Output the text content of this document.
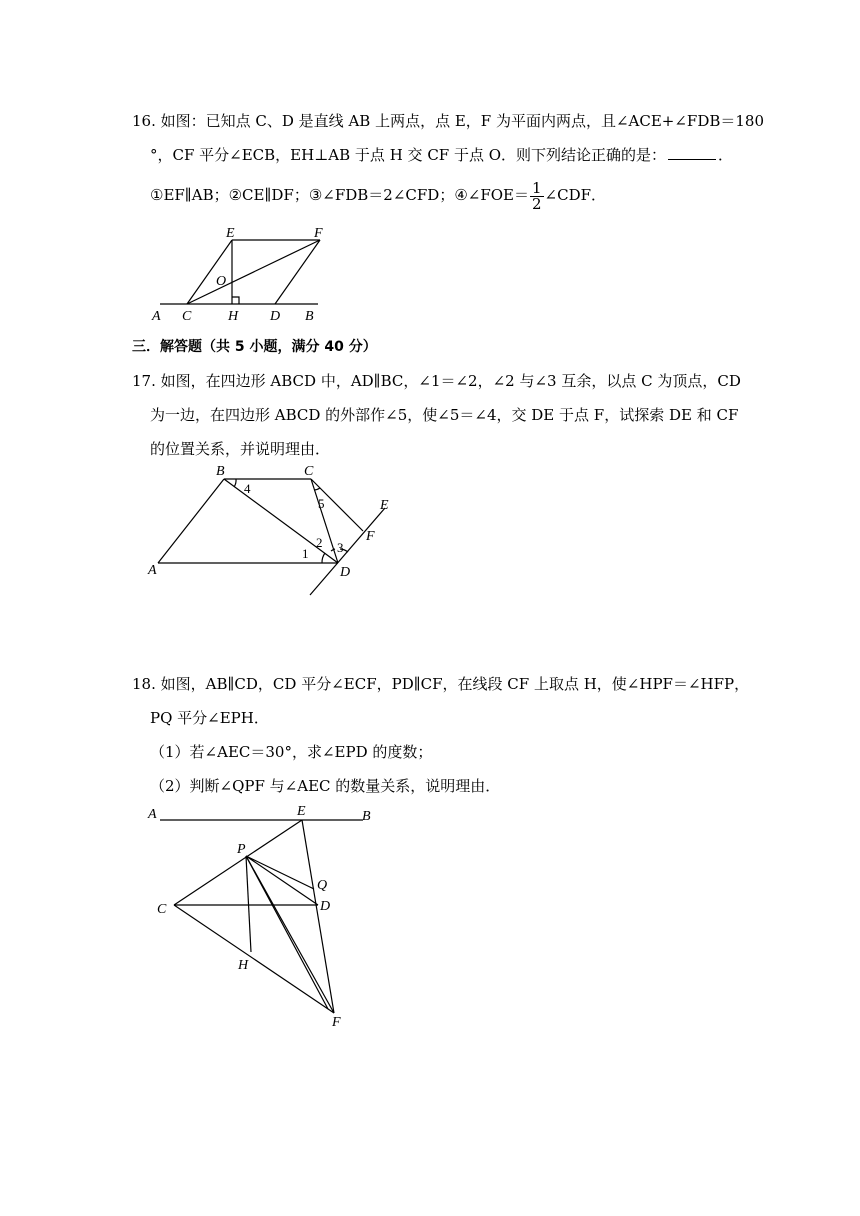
16. 如图：已知点 C、D 是直线 AB 上两点，点 E，F 为平面内两点，且∠ACE+∠FDB＝180
°，CF 平分∠ECB，EH⊥AB 于点 H 交 CF 于点 O．则下列结论正确的是：	．
①EF∥AB；②CE∥DF；③∠FDB＝2∠CFD；④∠FOE＝ $\frac{1}{2}$ ∠CDF．
A C	H D B
E	F
O
三．解答题（共 5 小题，满分 40 分）
17. 如图，在四边形 ABCD 中，AD∥BC，∠1＝∠2，∠2 与∠3 互余，以点 C 为顶点，CD
为一边，在四边形 ABCD 的外部作∠5，使∠5＝∠4，交 DE 于点 F，试探索 DE 和 CF
的位置关系，并说明理由．
A
B	C
D
E
F
1
2 3
4
5
18. 如图，AB∥CD，CD 平分∠ECF，PD∥CF，在线段 CF 上取点 H，使∠HPF＝∠HFP，
PQ 平分∠EPH．
（1）若∠AEC＝30°，求∠EPD 的度数；
（2）判断∠QPF 与∠AEC 的数量关系，说明理由．
A	B
E
P
Q
C	D
H
F
